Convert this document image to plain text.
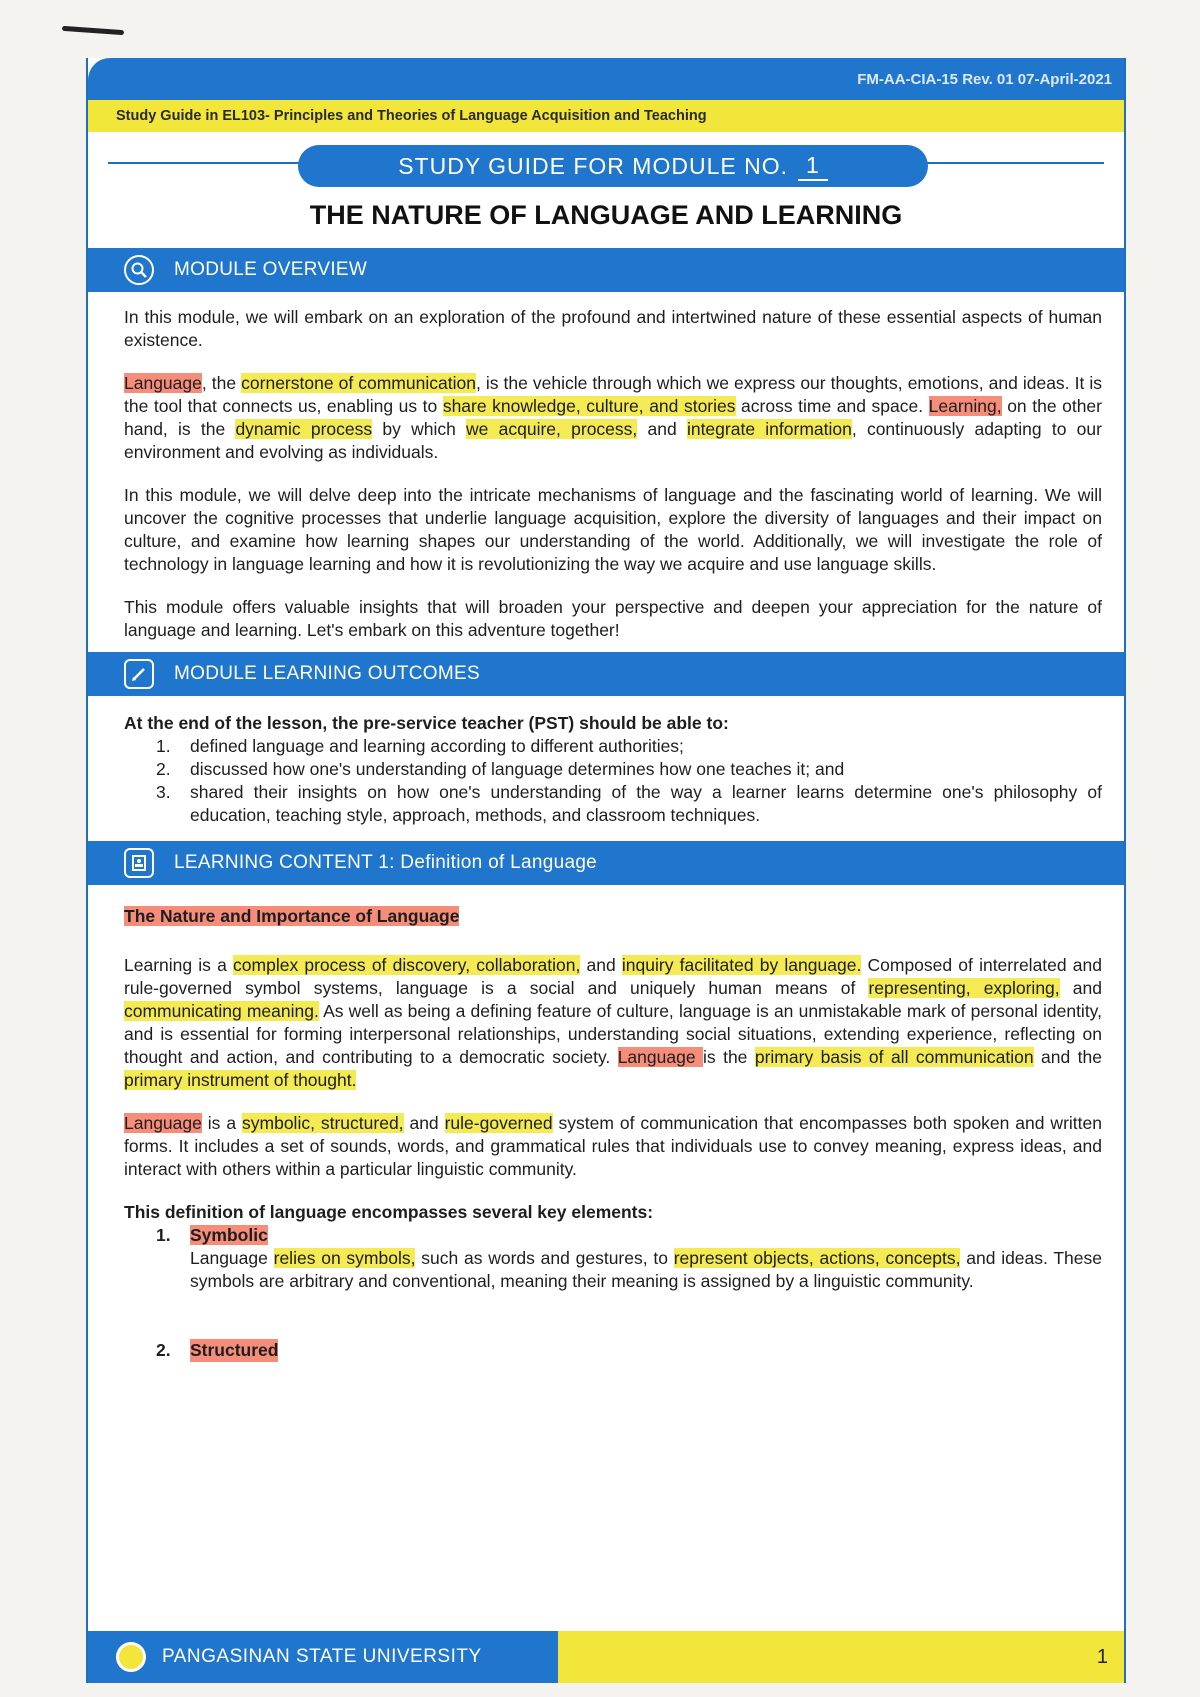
FM-AA-CIA-15 Rev. 01 07-April-2021
Study Guide in EL103- Principles and Theories of Language Acquisition and Teaching
STUDY GUIDE FOR MODULE NO. 1
THE NATURE OF LANGUAGE AND LEARNING
MODULE OVERVIEW

In this module, we will embark on an exploration of the profound and intertwined nature of these essential aspects of human existence.

Language, the cornerstone of communication, is the vehicle through which we express our thoughts, emotions, and ideas. It is the tool that connects us, enabling us to share knowledge, culture, and stories across time and space. Learning, on the other hand, is the dynamic process by which we acquire, process, and integrate information, continuously adapting to our environment and evolving as individuals.

In this module, we will delve deep into the intricate mechanisms of language and the fascinating world of learning. We will uncover the cognitive processes that underlie language acquisition, explore the diversity of languages and their impact on culture, and examine how learning shapes our understanding of the world. Additionally, we will investigate the role of technology in language learning and how it is revolutionizing the way we acquire and use language skills.

This module offers valuable insights that will broaden your perspective and deepen your appreciation for the nature of language and learning. Let's embark on this adventure together!

MODULE LEARNING OUTCOMES
At the end of the lesson, the pre-service teacher (PST) should be able to:
1.	defined language and learning according to different authorities;
2.	discussed how one's understanding of language determines how one teaches it; and
3.	shared their insights on how one's understanding of the way a learner learns determine one's philosophy of education, teaching style, approach, methods, and classroom techniques.
LEARNING CONTENT 1: Definition of Language

The Nature and Importance of Language

Learning is a complex process of discovery, collaboration, and inquiry facilitated by language. Composed of interrelated and rule-governed symbol systems, language is a social and uniquely human means of representing, exploring, and communicating meaning. As well as being a defining feature of culture, language is an unmistakable mark of personal identity, and is essential for forming interpersonal relationships, understanding social situations, extending experience, reflecting on thought and action, and contributing to a democratic society. Language is the primary basis of all communication and the primary instrument of thought.

Language is a symbolic, structured, and rule-governed system of communication that encompasses both spoken and written forms. It includes a set of sounds, words, and grammatical rules that individuals use to convey meaning, express ideas, and interact with others within a particular linguistic community.

This definition of language encompasses several key elements:
1.	Symbolic
Language relies on symbols, such as words and gestures, to represent objects, actions, concepts, and ideas. These symbols are arbitrary and conventional, meaning their meaning is assigned by a linguistic community.
2.	Structured
PANGASINAN STATE UNIVERSITY	1
